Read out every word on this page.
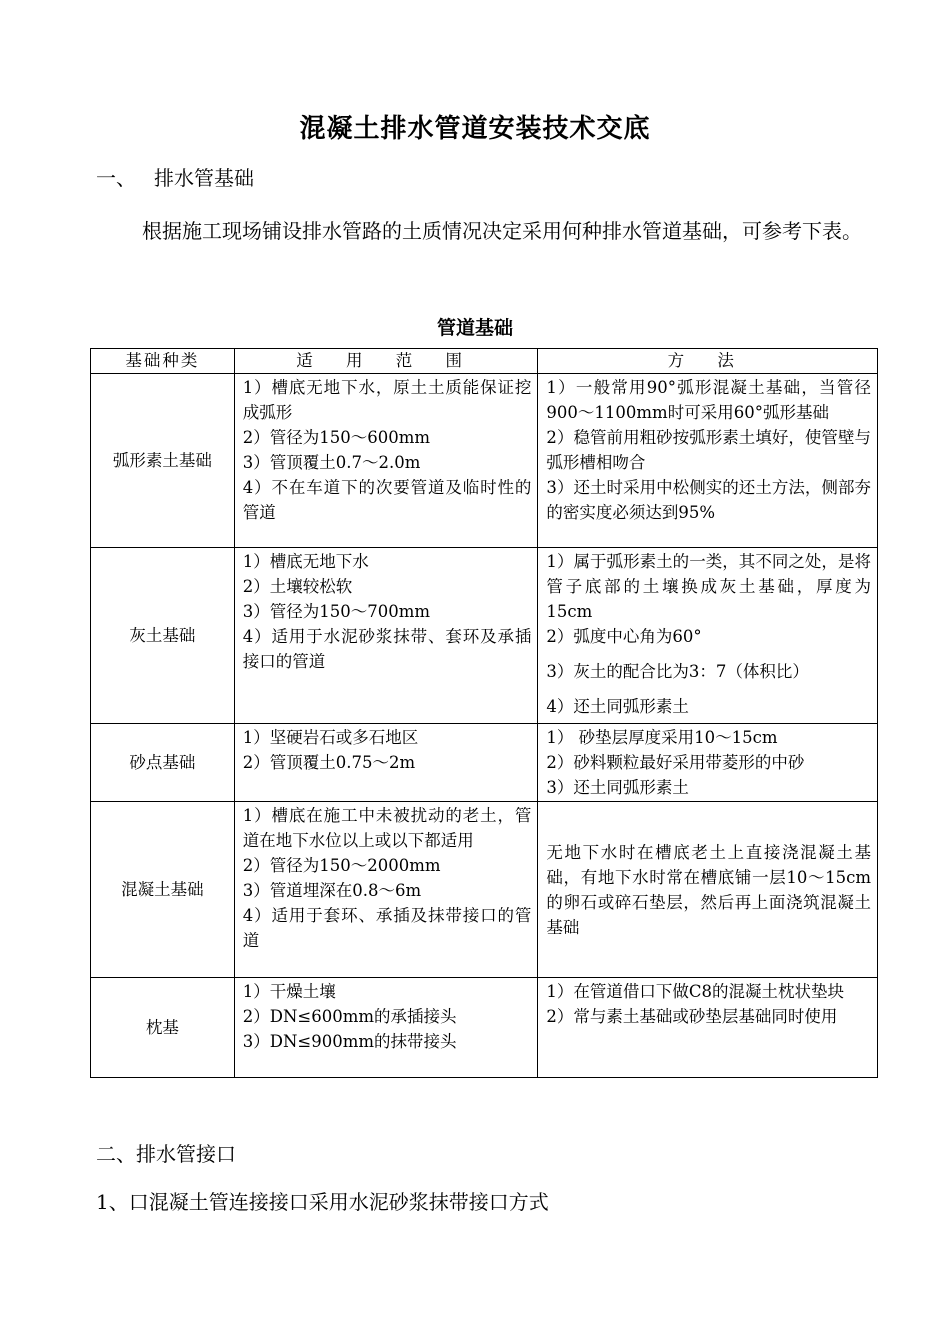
混凝土排水管道安装技术交底
一、 排水管基础
根据施工现场铺设排水管路的土质情况决定采用何种排水管道基础，可参考下表。
管道基础
基础种类	适 用 范 围	方 法
弧形素土基础	1）槽底无地下水，原土土质能保证挖成弧形
2）管径为150～600mm
3）管顶覆土0.7～2.0m
4）不在车道下的次要管道及临时性的管道	1）一般常用90°弧形混凝土基础，当管径900～1100mm时可采用60°弧形基础
2）稳管前用粗砂按弧形素土填好，使管壁与弧形槽相吻合
3）还土时采用中松侧实的还土方法，侧部夯的密实度必须达到95%

灰土基础	1）槽底无地下水
2）土壤较松软
3）管径为150～700mm
4）适用于水泥砂浆抹带、套环及承插接口的管道	1）属于弧形素土的一类，其不同之处，是将管子底部的土壤换成灰土基础，厚度为15cm
2）弧度中心角为60°
3）灰土的配合比为3：7（体积比）
4）还土同弧形素土

砂点基础	1）坚硬岩石或多石地区
2）管顶覆土0.75～2m	1） 砂垫层厚度采用10～15cm
2）砂料颗粒最好采用带菱形的中砂
3）还土同弧形素土

混凝土基础	1）槽底在施工中未被扰动的老土，管道在地下水位以上或以下都适用
2）管径为150～2000mm
3）管道埋深在0.8～6m
4）适用于套环、承插及抹带接口的管道	无地下水时在槽底老土上直接浇混凝土基础，有地下水时常在槽底铺一层10～15cm的卵石或碎石垫层，然后再上面浇筑混凝土基础

枕基	1）干燥土壤
2）DN≤600mm的承插接头
3）DN≤900mm的抹带接头	1）在管道借口下做C8的混凝土枕状垫块
2）常与素土基础或砂垫层基础同时使用
二、排水管接口
1、口混凝土管连接接口采用水泥砂浆抹带接口方式
